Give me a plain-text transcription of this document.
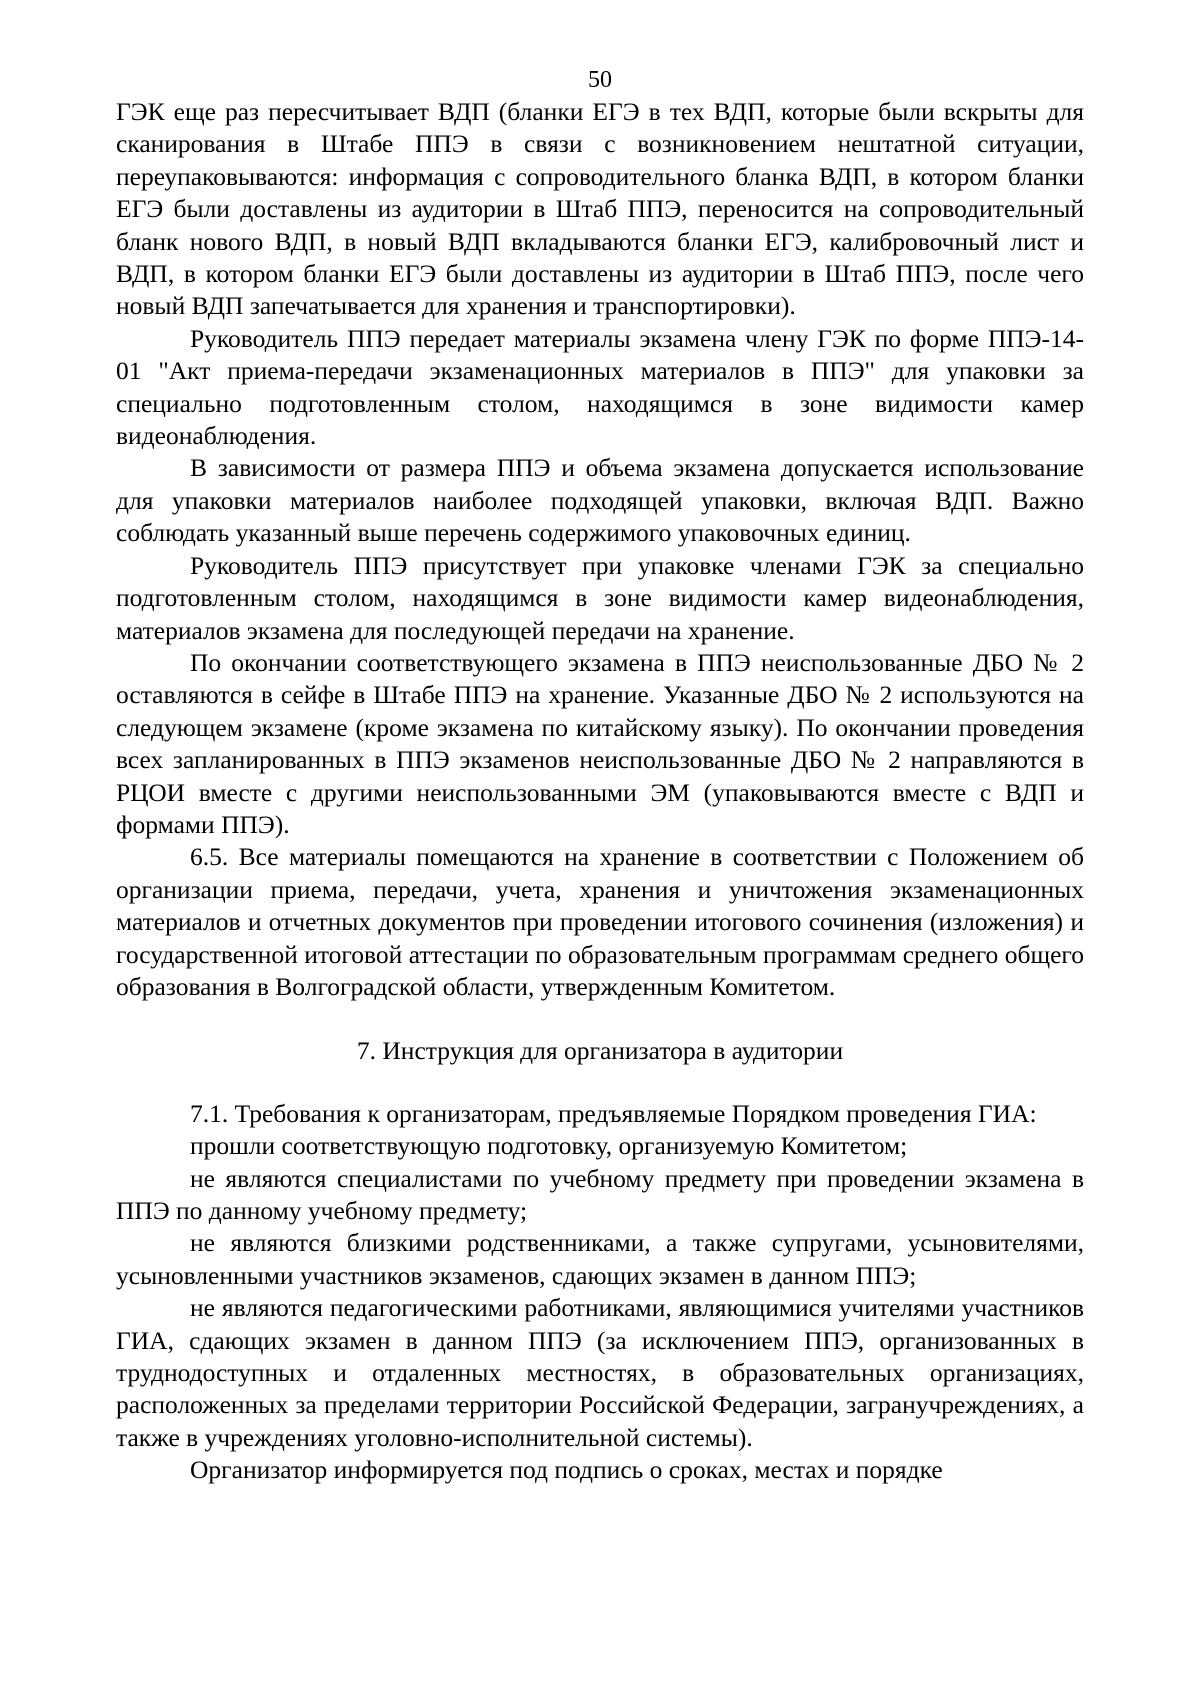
50

ГЭК еще раз пересчитывает ВДП (бланки ЕГЭ в тех ВДП, которые были вскрыты для сканирования в Штабе ППЭ в связи с возникновением нештатной ситуации, переупаковываются: информация с сопроводительного бланка ВДП, в котором бланки ЕГЭ были доставлены из аудитории в Штаб ППЭ, переносится на сопроводительный бланк нового ВДП, в новый ВДП вкладываются бланки ЕГЭ, калибровочный лист и ВДП, в котором бланки ЕГЭ были доставлены из аудитории в Штаб ППЭ, после чего новый ВДП запечатывается для хранения и транспортировки).

Руководитель ППЭ передает материалы экзамена члену ГЭК по форме ППЭ-14-01 "Акт приема-передачи экзаменационных материалов в ППЭ" для упаковки за специально подготовленным столом, находящимся в зоне видимости камер видеонаблюдения.

В зависимости от размера ППЭ и объема экзамена допускается использование для упаковки материалов наиболее подходящей упаковки, включая ВДП. Важно соблюдать указанный выше перечень содержимого упаковочных единиц.

Руководитель ППЭ присутствует при упаковке членами ГЭК за специально подготовленным столом, находящимся в зоне видимости камер видеонаблюдения, материалов экзамена для последующей передачи на хранение.

По окончании соответствующего экзамена в ППЭ неиспользованные ДБО № 2 оставляются в сейфе в Штабе ППЭ на хранение. Указанные ДБО № 2 используются на следующем экзамене (кроме экзамена по китайскому языку). По окончании проведения всех запланированных в ППЭ экзаменов неиспользованные ДБО № 2 направляются в РЦОИ вместе с другими неиспользованными ЭМ (упаковываются вместе с ВДП и формами ППЭ).

6.5. Все материалы помещаются на хранение в соответствии с Положением об организации приема, передачи, учета, хранения и уничтожения экзаменационных материалов и отчетных документов при проведении итогового сочинения (изложения) и государственной итоговой аттестации по образовательным программам среднего общего образования в Волгоградской области, утвержденным Комитетом.

7. Инструкция для организатора в аудитории

7.1. Требования к организаторам, предъявляемые Порядком проведения ГИА:

прошли соответствующую подготовку, организуемую Комитетом;

не являются специалистами по учебному предмету при проведении экзамена в ППЭ по данному учебному предмету;

не являются близкими родственниками, а также супругами, усыновителями, усыновленными участников экзаменов, сдающих экзамен в данном ППЭ;

не являются педагогическими работниками, являющимися учителями участников ГИА, сдающих экзамен в данном ППЭ (за исключением ППЭ, организованных в труднодоступных и отдаленных местностях, в образовательных организациях, расположенных за пределами территории Российской Федерации, загранучреждениях, а также в учреждениях уголовно-исполнительной системы).

Организатор информируется под подпись о сроках, местах и порядке
